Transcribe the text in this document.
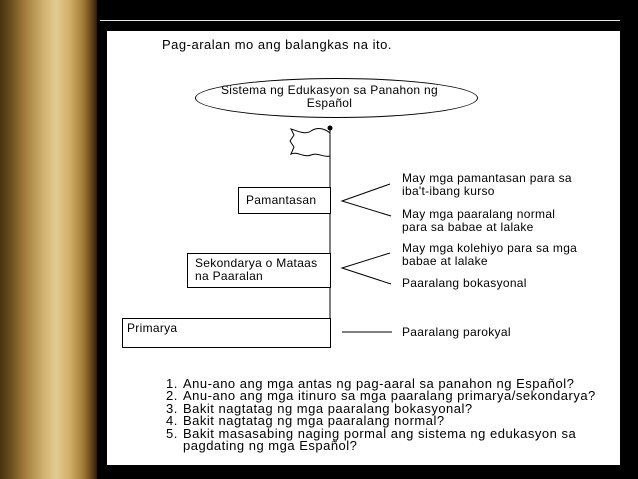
Pag-aralan mo ang balangkas na ito.
Sistema ng Edukasyon sa Panahon ng Español
Pamantasan
Sekondarya o Mataas na Paaralan
Primarya
May mga pamantasan para sa iba't-ibang kurso
May mga paaralang normal para sa babae at lalake
May mga kolehiyo para sa mga babae at lalake
Paaralang bokasyonal
Paaralang parokyal
1. Anu-ano ang mga antas ng pag-aaral sa panahon ng Español?
2. Anu-ano ang mga itinuro sa mga paaralang primarya/sekondarya?
3. Bakit nagtatag ng mga paaralang bokasyonal?
4. Bakit nagtatag ng mga paaralang normal?
5. Bakit masasabing naging pormal ang sistema ng edukasyon sa pagdating ng mga Español?
